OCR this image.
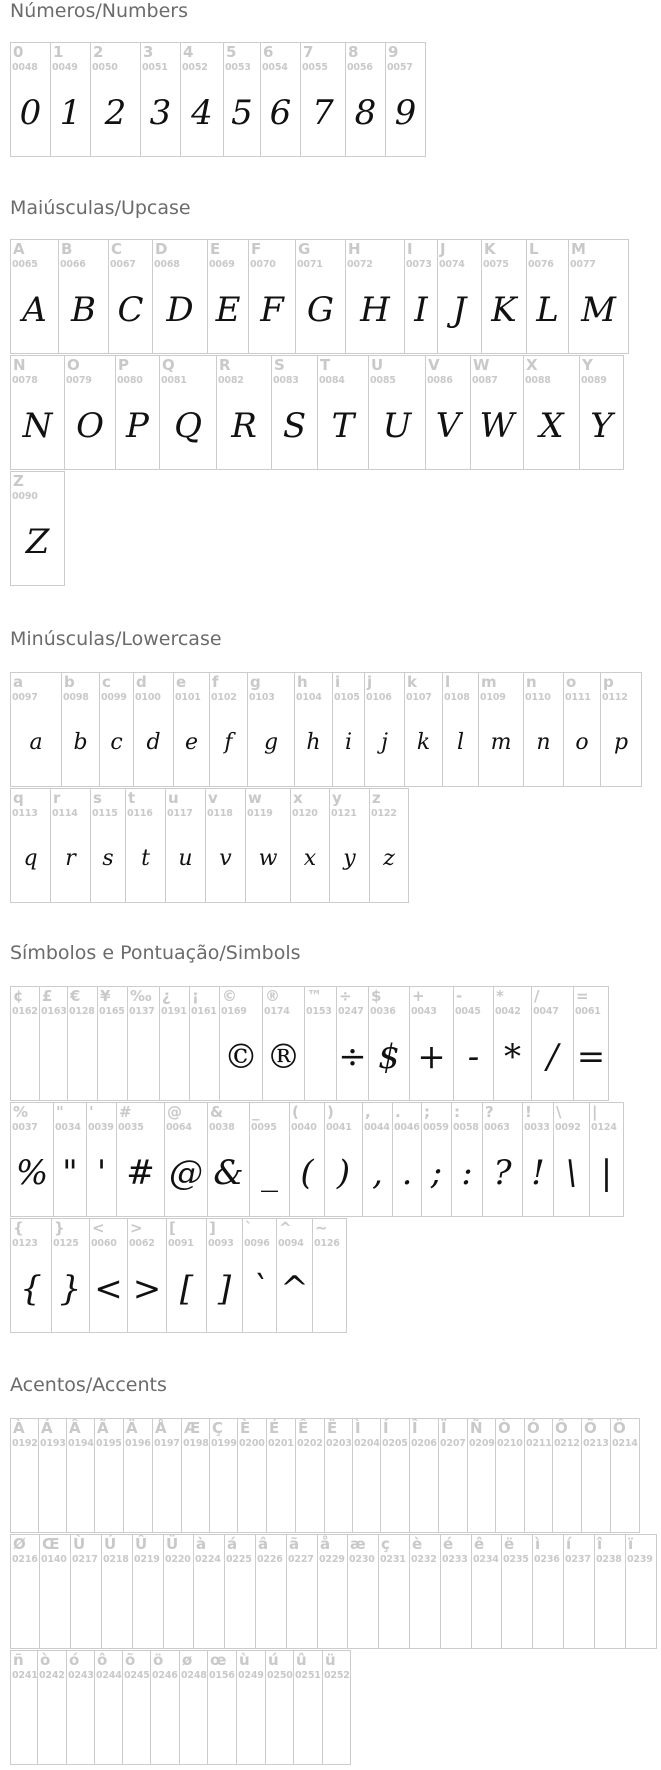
Números/Numbers
0
0048
0
1
0049
1
2
0050
2
3
0051
3
4
0052
4
5
0053
5
6
0054
6
7
0055
7
8
0056
8
9
0057
9
Maiúsculas/Upcase
A
0065
A
B
0066
B
C
0067
C
D
0068
D
E
0069
E
F
0070
F
G
0071
G
H
0072
H
I
0073
I
J
0074
J
K
0075
K
L
0076
L
M
0077
M
N
0078
N
O
0079
O
P
0080
P
Q
0081
Q
R
0082
R
S
0083
S
T
0084
T
U
0085
U
V
0086
V
W
0087
W
X
0088
X
Y
0089
Y
Z
0090
Z
Minúsculas/Lowercase
a
0097
a
b
0098
b
c
0099
c
d
0100
d
e
0101
e
f
0102
f
g
0103
g
h
0104
h
i
0105
i
j
0106
j
k
0107
k
l
0108
l
m
0109
m
n
0110
n
o
0111
o
p
0112
p
q
0113
q
r
0114
r
s
0115
s
t
0116
t
u
0117
u
v
0118
v
w
0119
w
x
0120
x
y
0121
y
z
0122
z
Símbolos e Pontuação/Simbols
¢
0162
£
0163
€
0128
¥
0165
‰
0137
¿
0191
¡
0161
©
0169
©
®
0174
®
™
0153
÷
0247
÷
$
0036
$
+
0043
+
-
0045
-
*
0042
*
/
0047
/
=
0061
=
%
0037
%
"
0034
"
'
0039
'
#
0035
#
@
0064
@
&
0038
&
_
0095
_
(
0040
(
)
0041
)
,
0044
,
.
0046
.
;
0059
;
:
0058
:
?
0063
?
!
0033
!
\
0092
\
|
0124
|
{
0123
{
}
0125
}
<
0060
<
>
0062
>
[
0091
[
]
0093
]
`
0096
`
^
0094
^
~
0126
Acentos/Accents
À
0192
Á
0193
Â
0194
Ã
0195
Ä
0196
Å
0197
Æ
0198
Ç
0199
È
0200
É
0201
Ê
0202
Ë
0203
Ì
0204
Í
0205
Î
0206
Ï
0207
Ñ
0209
Ò
0210
Ó
0211
Ô
0212
Õ
0213
Ö
0214
Ø
0216
Œ
0140
Ù
0217
Ú
0218
Û
0219
Ü
0220
à
0224
á
0225
â
0226
ã
0227
å
0229
æ
0230
ç
0231
è
0232
é
0233
ê
0234
ë
0235
ì
0236
í
0237
î
0238
ï
0239
ñ
0241
ò
0242
ó
0243
ô
0244
õ
0245
ö
0246
ø
0248
œ
0156
ù
0249
ú
0250
û
0251
ü
0252
